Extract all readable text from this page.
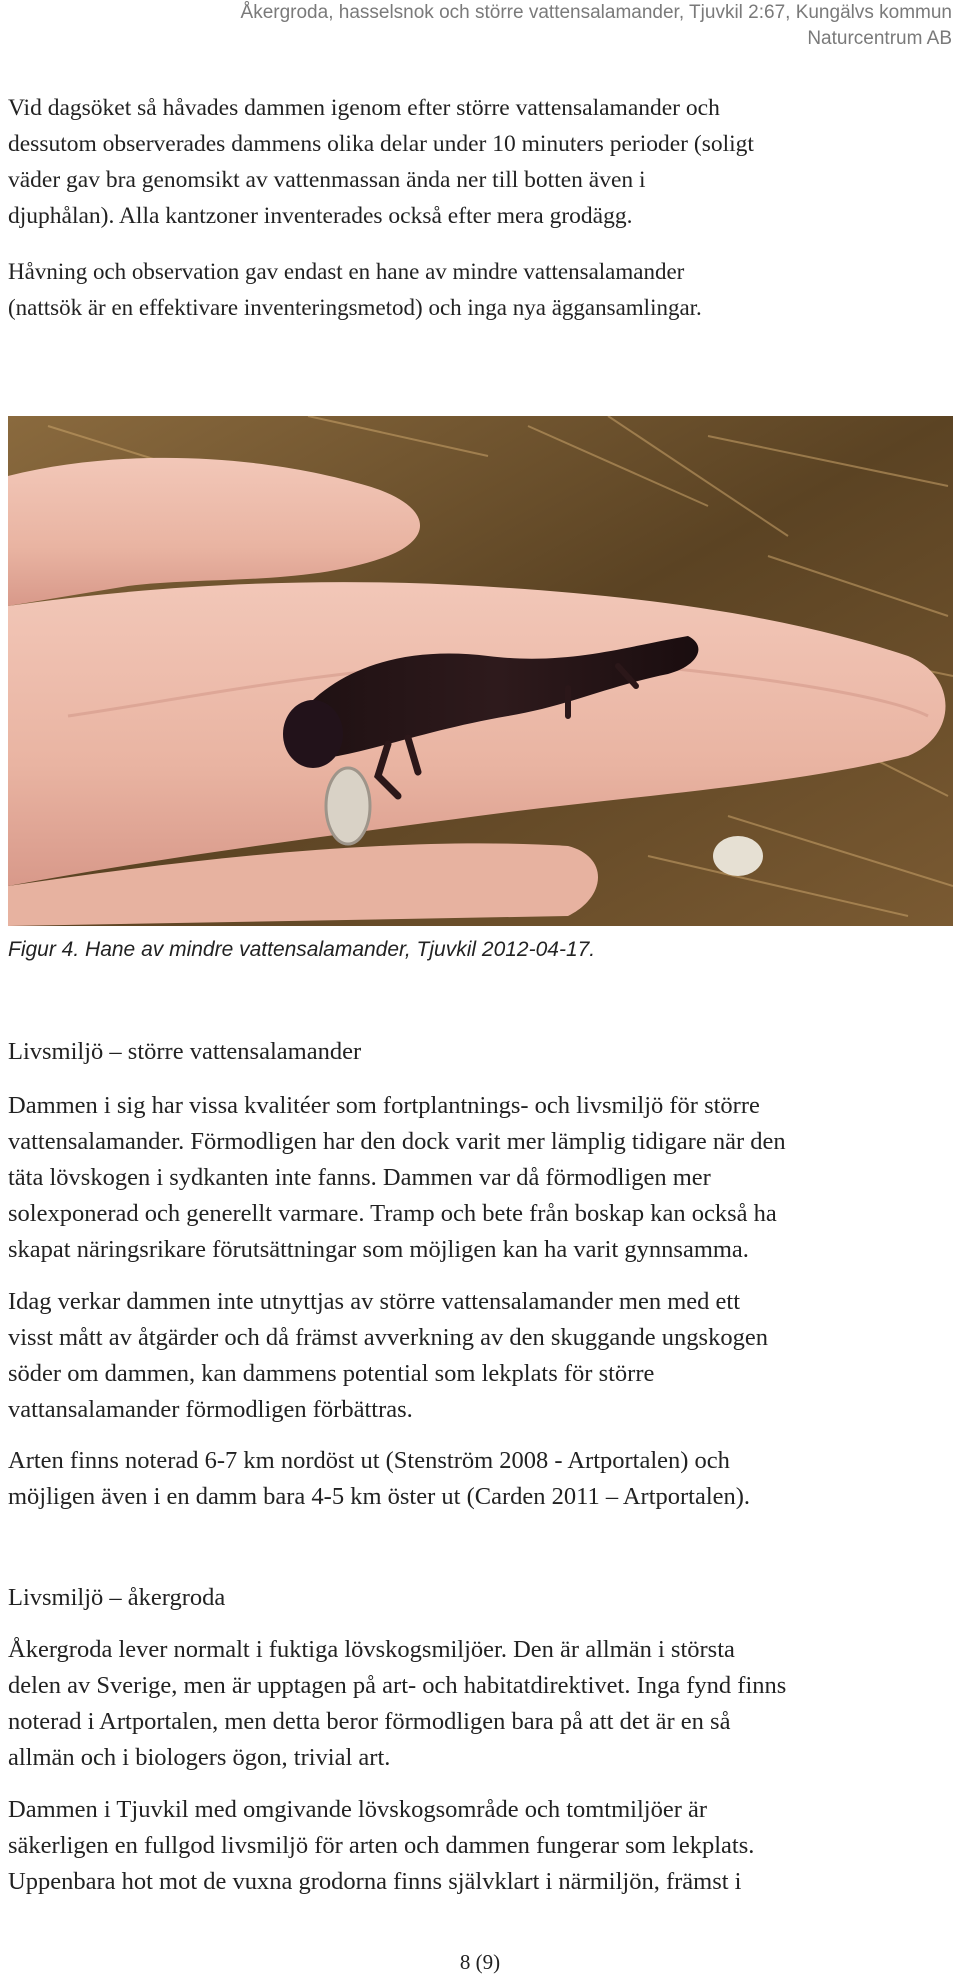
Åkergroda, hasselsnok och större vattensalamander, Tjuvkil 2:67, Kungälvs kommun
Naturcentrum AB
Vid dagsöket så håvades dammen igenom efter större vattensalamander och
dessutom observerades dammens olika delar under 10 minuters perioder (soligt
väder gav bra genomsikt av vattenmassan ända ner till botten även i
djuphålan). Alla kantzoner inventerades också efter mera grodägg.
Håvning och observation gav endast en hane av mindre vattensalamander
(nattsök är en effektivare inventeringsmetod) och inga nya äggansamlingar.
Figur 4. Hane av mindre vattensalamander, Tjuvkil 2012-04-17.
Livsmiljö – större vattensalamander
Dammen i sig har vissa kvalitéer som fortplantnings- och livsmiljö för större
vattensalamander. Förmodligen har den dock varit mer lämplig tidigare när den
täta lövskogen i sydkanten inte fanns. Dammen var då förmodligen mer
solexponerad och generellt varmare. Tramp och bete från boskap kan också ha
skapat näringsrikare förutsättningar som möjligen kan ha varit gynnsamma.
Idag verkar dammen inte utnyttjas av större vattensalamander men med ett
visst mått av åtgärder och då främst avverkning av den skuggande ungskogen
söder om dammen, kan dammens potential som lekplats för större
vattansalamander förmodligen förbättras.
Arten finns noterad 6-7 km nordöst ut (Stenström 2008 - Artportalen) och
möjligen även i en damm bara 4-5 km öster ut (Carden 2011 – Artportalen).
Livsmiljö – åkergroda
Åkergroda lever normalt i fuktiga lövskogsmiljöer. Den är allmän i största
delen av Sverige, men är upptagen på art- och habitatdirektivet. Inga fynd finns
noterad i Artportalen, men detta beror förmodligen bara på att det är en så
allmän och i biologers ögon, trivial art.
Dammen i Tjuvkil med omgivande lövskogsområde och tomtmiljöer är
säkerligen en fullgod livsmiljö för arten och dammen fungerar som lekplats.
Uppenbara hot mot de vuxna grodorna finns självklart i närmiljön, främst i
8 (9)
